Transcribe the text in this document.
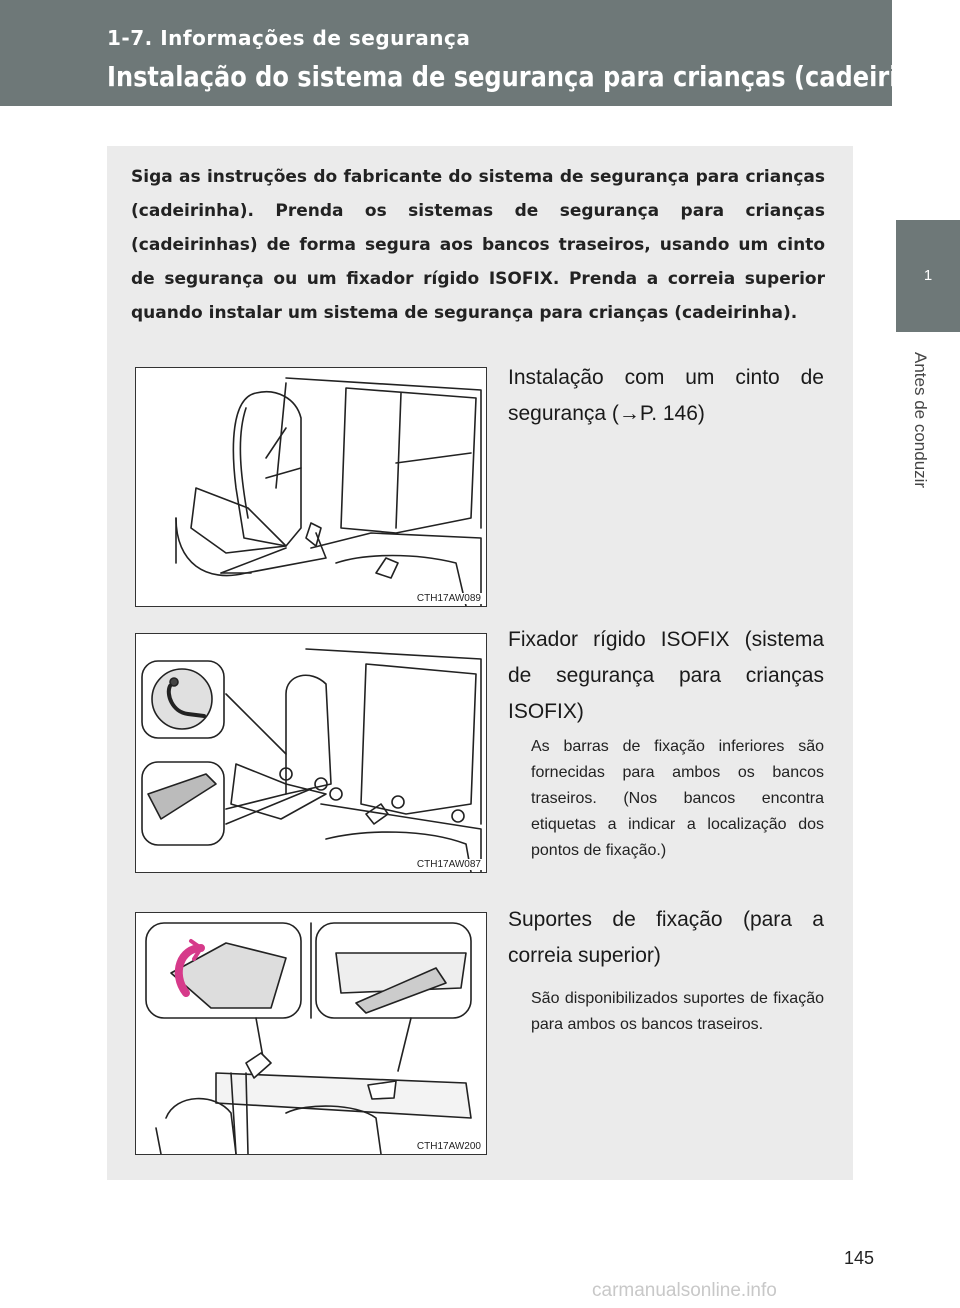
1-7. Informações de segurança
Instalação do sistema de segurança para crianças (cadeirinha)
1
Antes de conduzir
Siga as instruções do fabricante do sistema de segurança para crianças (cadeirinha). Prenda os sistemas de segurança para crianças (cadeirinhas) de forma segura aos bancos traseiros, usando um cinto de segurança ou um fixador rígido ISOFIX. Prenda a correia superior quando instalar um sistema de segurança para crianças (cadeirinha).
CTH17AW089
Instalação com um cinto de segurança (→P. 146)
CTH17AW087
Fixador rígido ISOFIX (sistema de segurança para crianças ISOFIX)
As barras de fixação inferiores são fornecidas para ambos os bancos traseiros. (Nos bancos encontra etiquetas a indicar a localização dos pontos de fixação.)
CTH17AW200
Suportes de fixação (para a correia superior)
São disponibilizados suportes de fixação para ambos os bancos traseiros.
145
carmanualsonline.info
